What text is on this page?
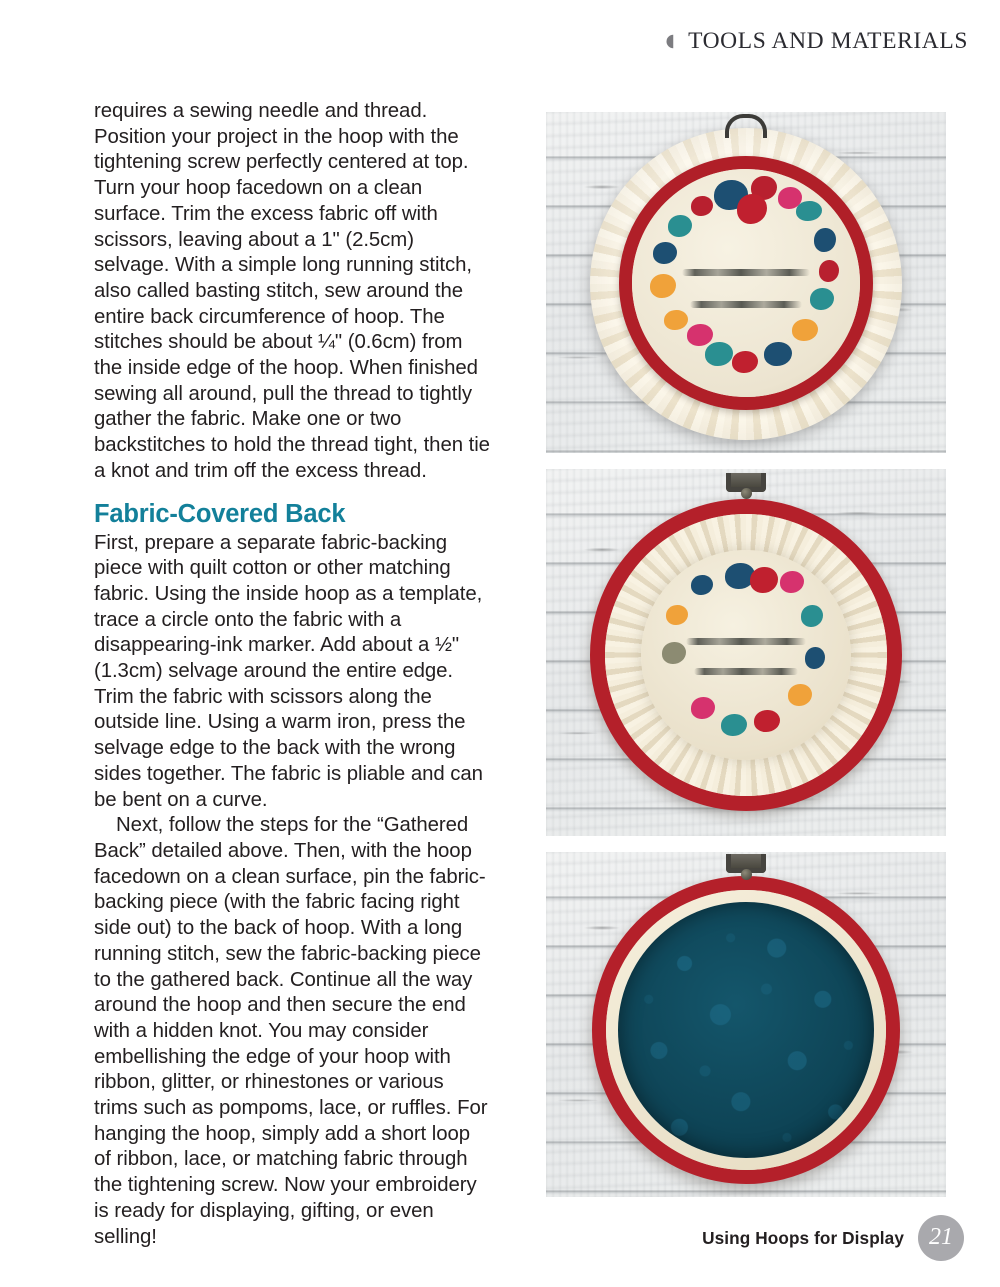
TOOLS AND MATERIALS

requires a sewing needle and thread. Position your project in the hoop with the tightening screw perfectly centered at top. Turn your hoop facedown on a clean surface. Trim the excess fabric off with scissors, leaving about a 1" (2.5cm) selvage. With a simple long running stitch, also called basting stitch, sew around the entire back circumference of hoop. The stitches should be about ¼" (0.6cm) from the inside edge of the hoop. When finished sewing all around, pull the thread to tightly gather the fabric. Make one or two backstitches to hold the thread tight, then tie a knot and trim off the excess thread.

Fabric-Covered Back

First, prepare a separate fabric-backing piece with quilt cotton or other matching fabric. Using the inside hoop as a template, trace a circle onto the fabric with a disappearing-ink marker. Add about a ½" (1.3cm) selvage around the entire edge. Trim the fabric with scissors along the outside line. Using a warm iron, press the selvage edge to the back with the wrong sides together. The fabric is pliable and can be bent on a curve.

Next, follow the steps for the “Gathered Back” detailed above. Then, with the hoop facedown on a clean surface, pin the fabric-backing piece (with the fabric facing right side out) to the back of hoop. With a long running stitch, sew the fabric-backing piece to the gathered back. Continue all the way around the hoop and then secure the end with a hidden knot. You may consider embellishing the edge of your hoop with ribbon, glitter, or rhinestones or various trims such as pompoms, lace, or ruffles. For hanging the hoop, simply add a short loop of ribbon, lace, or matching fabric through the tightening screw. Now your embroidery is ready for displaying, gifting, or even selling!	Using Hoops for Display 21
